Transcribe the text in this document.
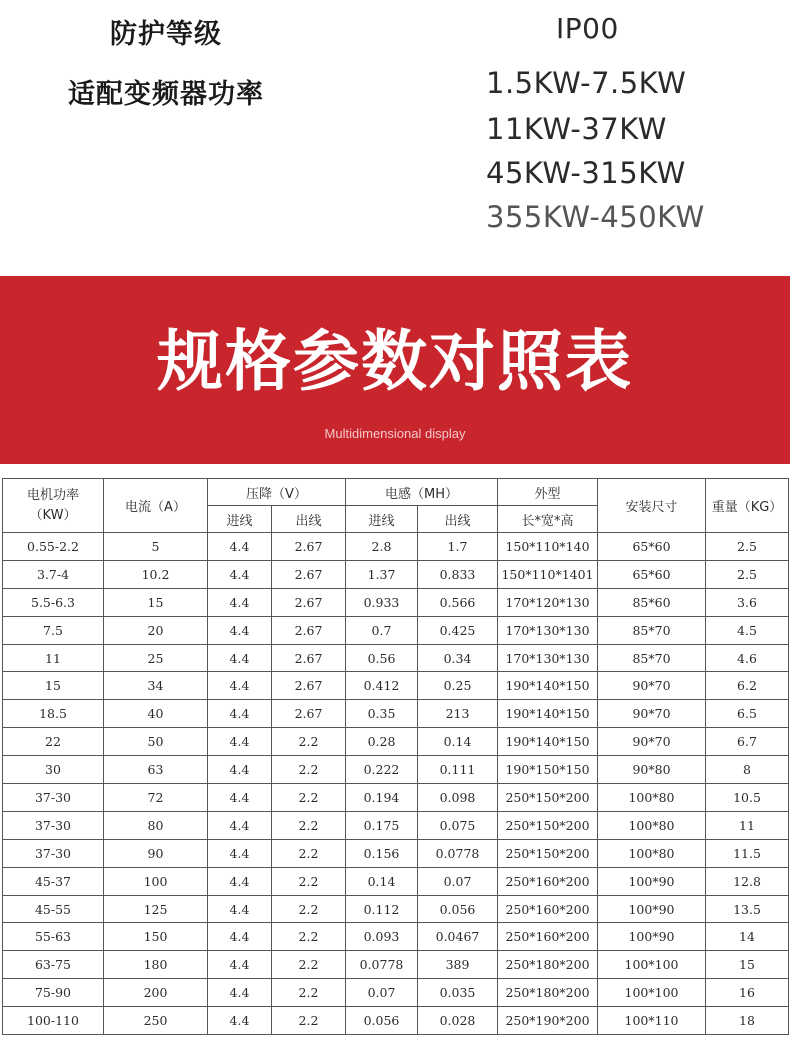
防护等级	IP00
适配变频器功率	1.5KW-7.5KW
11KW-37KW
45KW-315KW
355KW-450KW
规格参数对照表
Multidimensional display
电机功率
（KW）	电流（A）	压降（V）		电感（MH）		外型	安装尺寸	重量（KG）
		进线	出线	进线	出线	长*宽*高		
0.55-2.2	5	4.4	2.67	2.8	1.7	150*110*140	65*60	2.5
3.7-4	10.2	4.4	2.67	1.37	0.833	150*110*1401	65*60	2.5
5.5-6.3	15	4.4	2.67	0.933	0.566	170*120*130	85*60	3.6
7.5	20	4.4	2.67	0.7	0.425	170*130*130	85*70	4.5
11	25	4.4	2.67	0.56	0.34	170*130*130	85*70	4.6
15	34	4.4	2.67	0.412	0.25	190*140*150	90*70	6.2
18.5	40	4.4	2.67	0.35	213	190*140*150	90*70	6.5
22	50	4.4	2.2	0.28	0.14	190*140*150	90*70	6.7
30	63	4.4	2.2	0.222	0.111	190*150*150	90*80	8
37-30	72	4.4	2.2	0.194	0.098	250*150*200	100*80	10.5
37-30	80	4.4	2.2	0.175	0.075	250*150*200	100*80	11
37-30	90	4.4	2.2	0.156	0.0778	250*150*200	100*80	11.5
45-37	100	4.4	2.2	0.14	0.07	250*160*200	100*90	12.8
45-55	125	4.4	2.2	0.112	0.056	250*160*200	100*90	13.5
55-63	150	4.4	2.2	0.093	0.0467	250*160*200	100*90	14
63-75	180	4.4	2.2	0.0778	389	250*180*200	100*100	15
75-90	200	4.4	2.2	0.07	0.035	250*180*200	100*100	16
100-110	250	4.4	2.2	0.056	0.028	250*190*200	100*110	18
